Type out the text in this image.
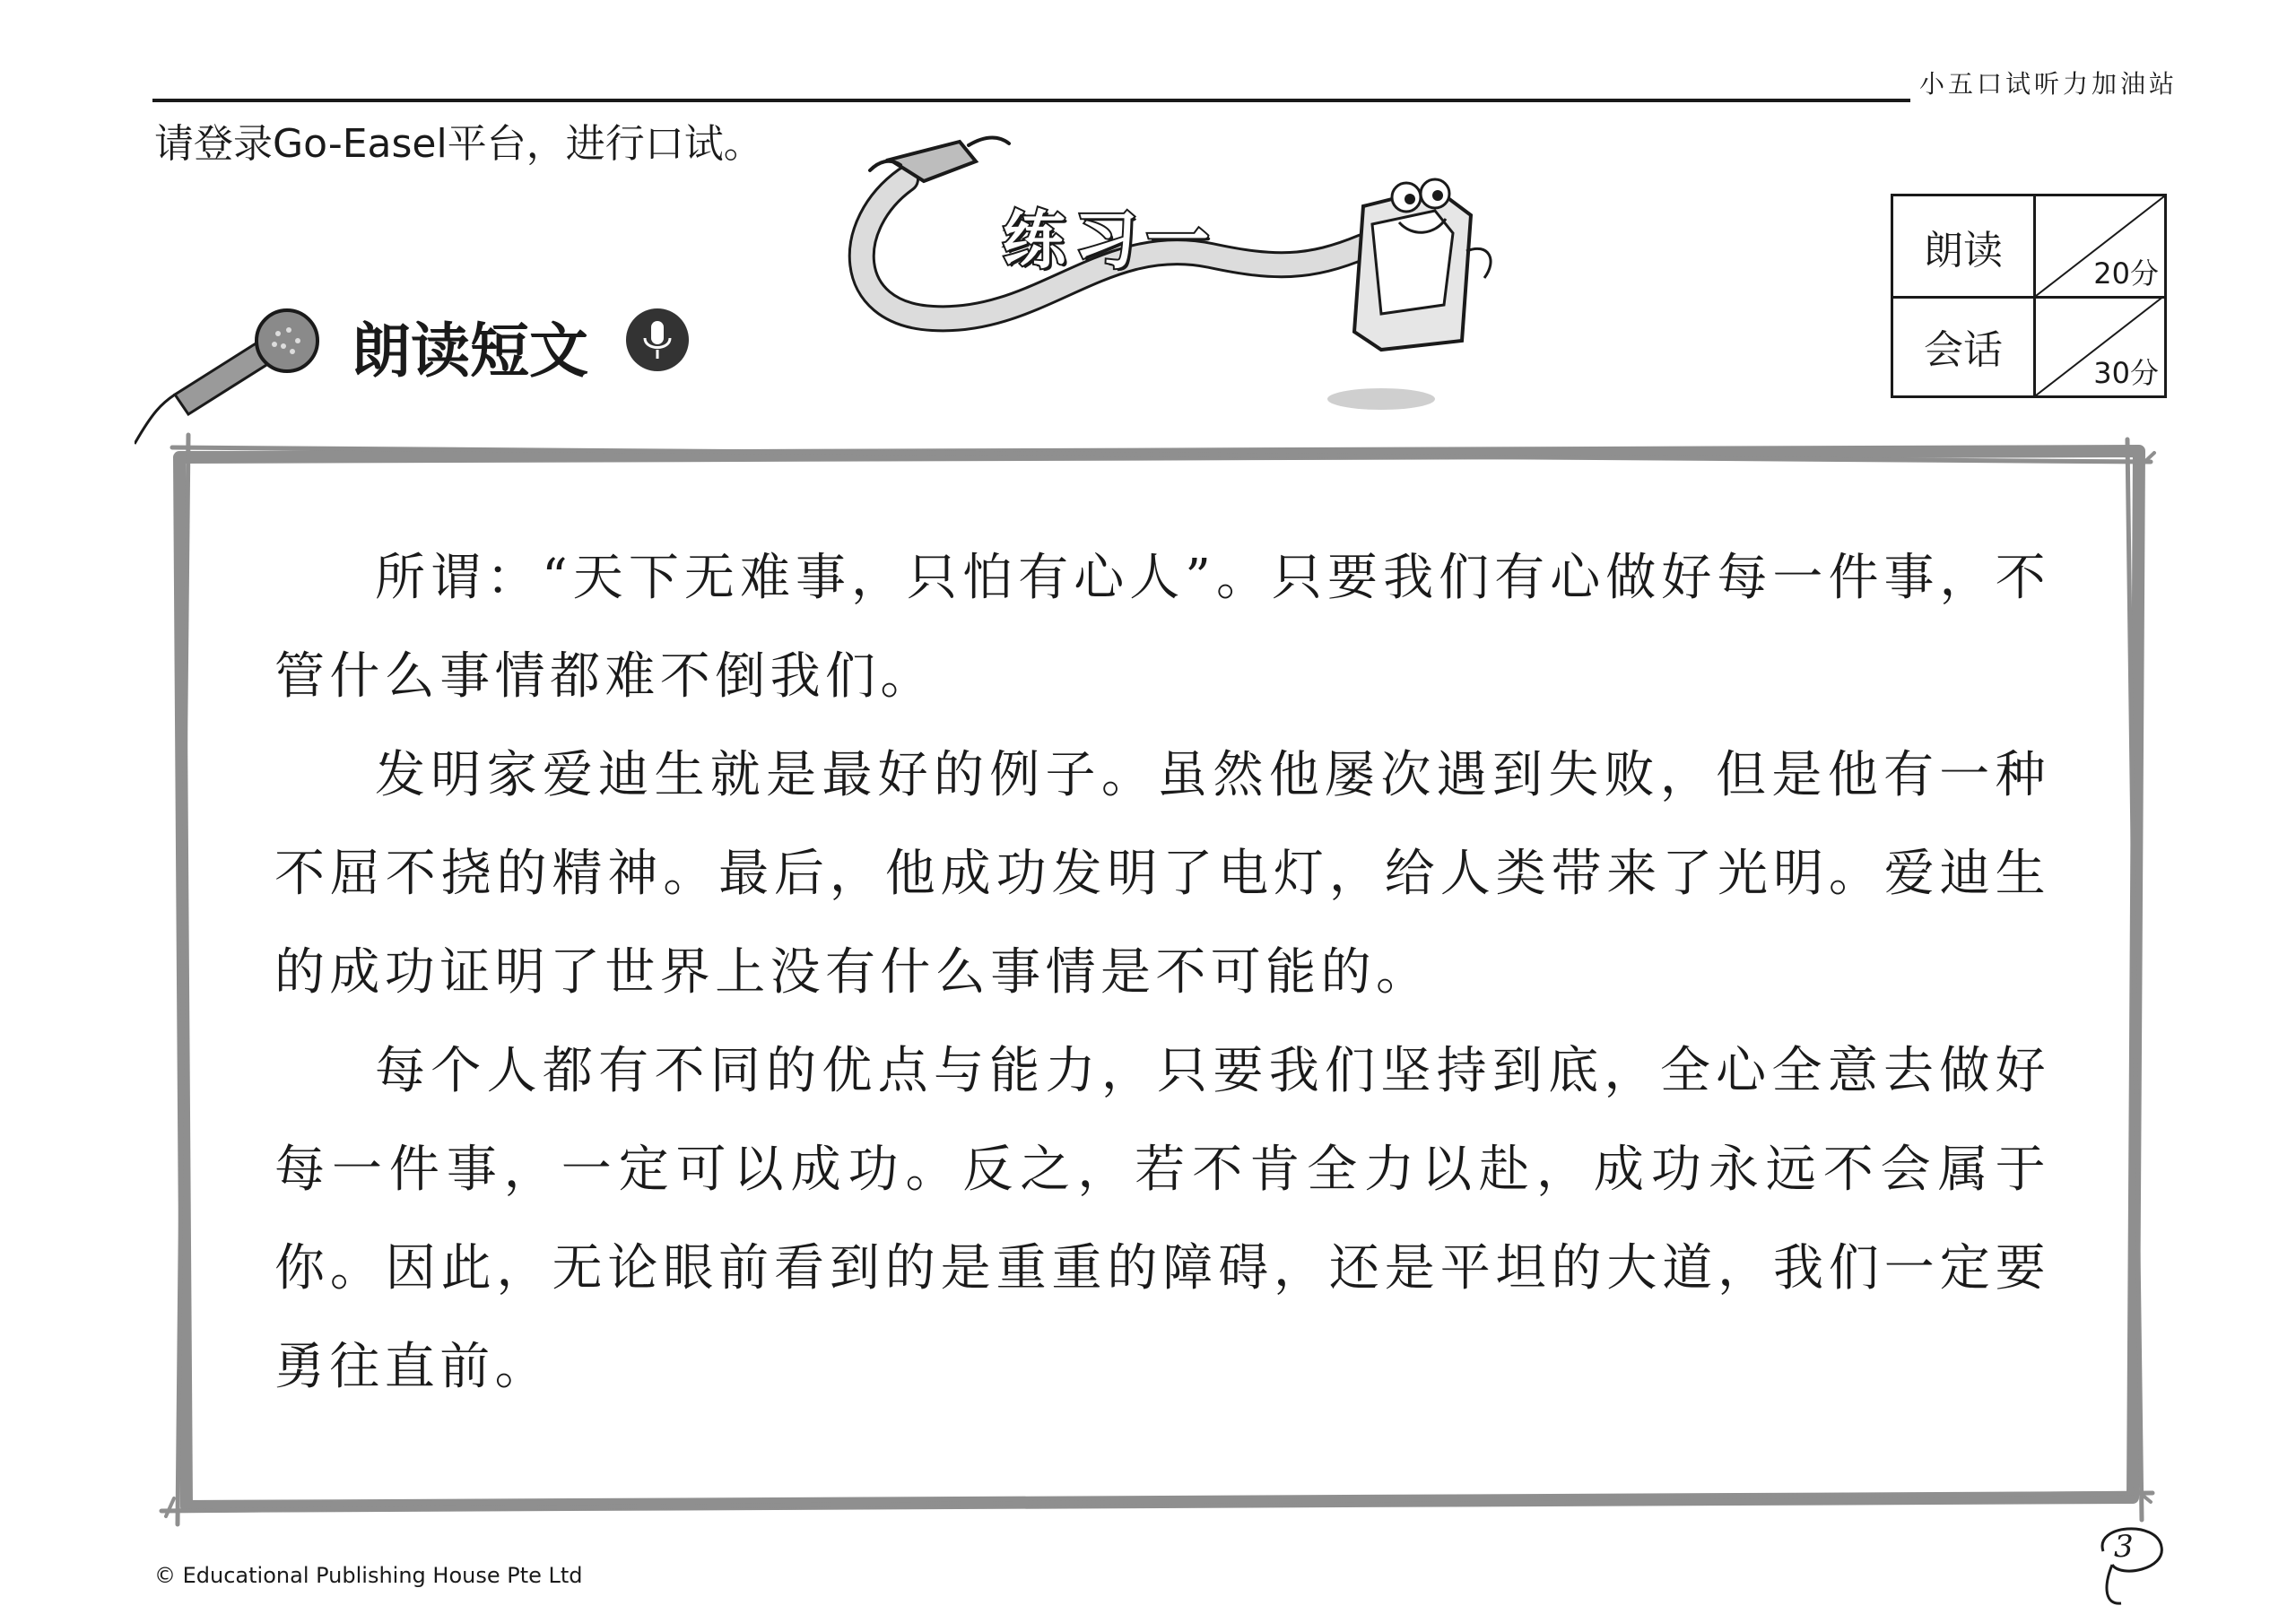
小五口试听力加油站
请登录Go-Easel平台，进行口试。
练习一
朗读短文
朗读
20分
会话
30分

所谓：“天下无难事，只怕有心人”。只要我们有心做好每一件事，不管什么事情都难不倒我们。

发明家爱迪生就是最好的例子。虽然他屡次遇到失败，但是他有一种不屈不挠的精神。最后，他成功发明了电灯，给人类带来了光明。爱迪生的成功证明了世界上没有什么事情是不可能的。

每个人都有不同的优点与能力，只要我们坚持到底，全心全意去做好每一件事，一定可以成功。反之，若不肯全力以赴，成功永远不会属于你。因此，无论眼前看到的是重重的障碍，还是平坦的大道，我们一定要勇往直前。

© Educational Publishing House Pte Ltd
3
